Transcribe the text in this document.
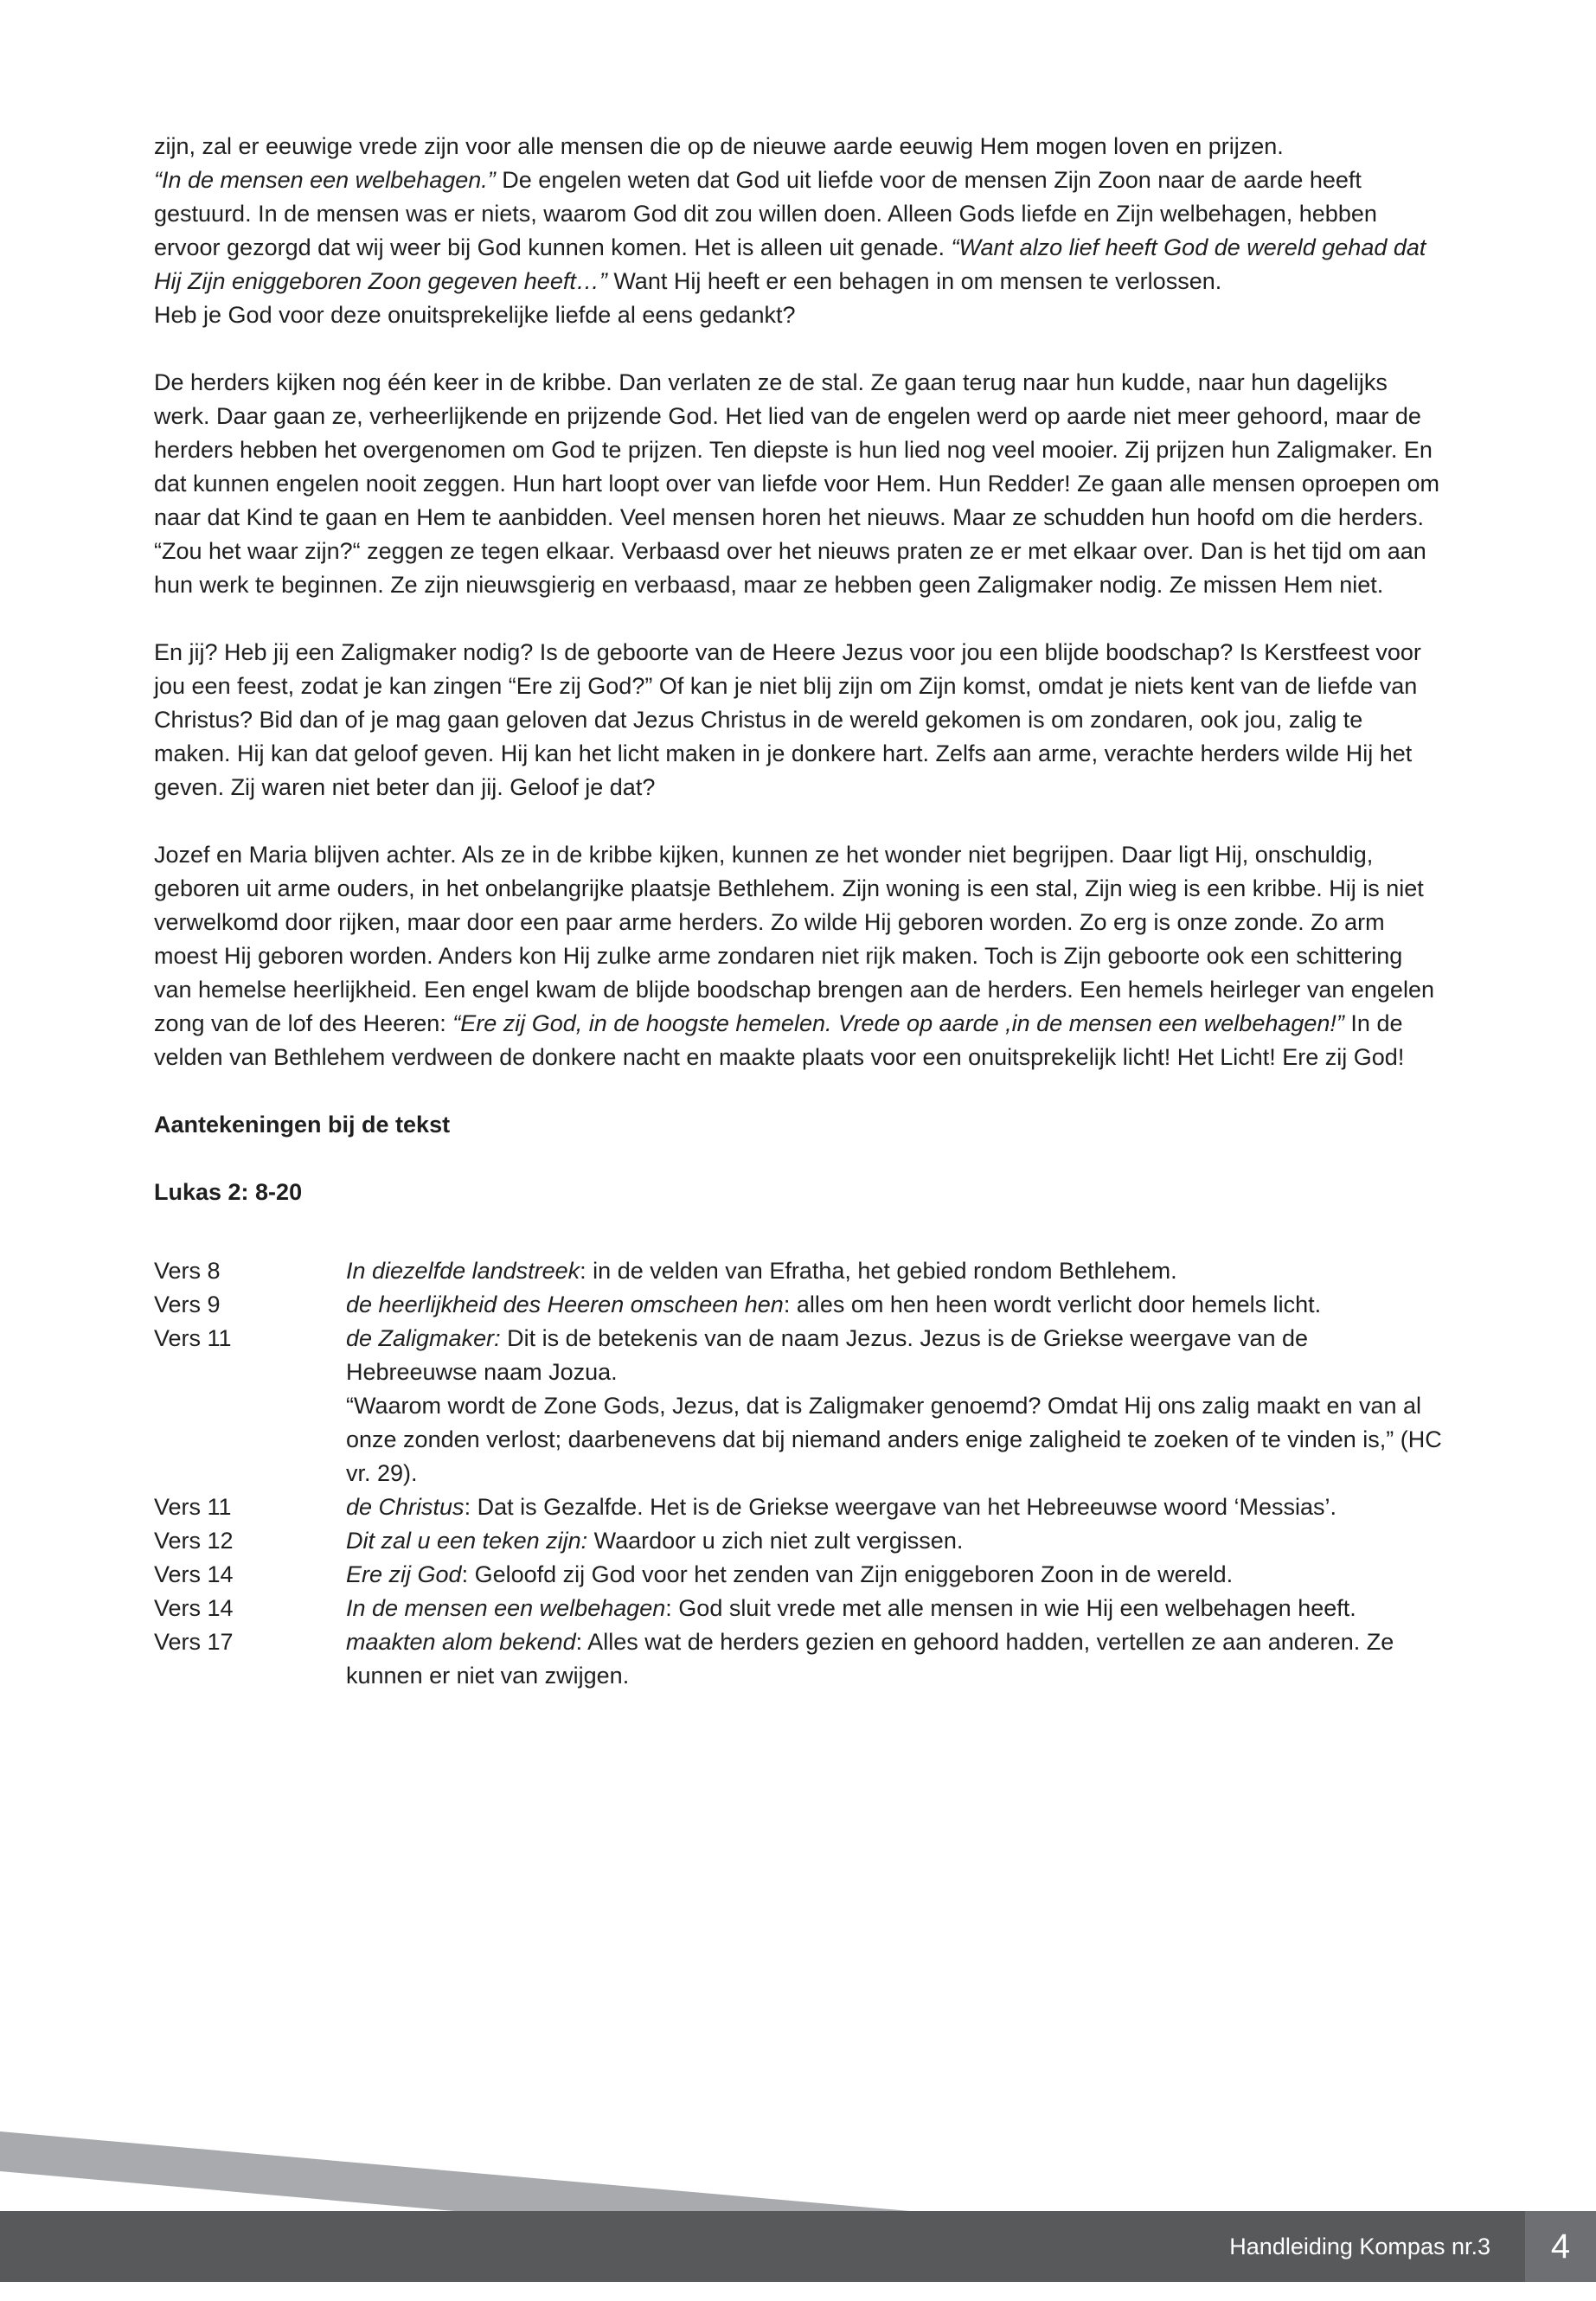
zijn, zal er eeuwige vrede zijn voor alle mensen die op de nieuwe aarde eeuwig Hem mogen loven en prijzen.

“In de mensen een welbehagen.” De engelen weten dat God uit liefde voor de mensen Zijn Zoon naar de aarde heeft gestuurd. In de mensen was er niets, waarom God dit zou willen doen. Alleen Gods liefde en Zijn welbehagen, hebben ervoor gezorgd dat wij weer bij God kunnen komen. Het is alleen uit genade. “Want alzo lief heeft God de wereld gehad dat Hij Zijn eniggeboren Zoon gegeven heeft…” Want Hij heeft er een behagen in om mensen te verlossen.

Heb je God voor deze onuitsprekelijke liefde al eens gedankt?

De herders kijken nog één keer in de kribbe. Dan verlaten ze de stal. Ze gaan terug naar hun kudde, naar hun dagelijks werk. Daar gaan ze, verheerlijkende en prijzende God. Het lied van de engelen werd op aarde niet meer gehoord, maar de herders hebben het overgenomen om God te prijzen. Ten diepste is hun lied nog veel mooier. Zij prijzen hun Zaligmaker. En dat kunnen engelen nooit zeggen. Hun hart loopt over van liefde voor Hem. Hun Redder! Ze gaan alle mensen oproepen om naar dat Kind te gaan en Hem te aanbidden. Veel mensen horen het nieuws. Maar ze schudden hun hoofd om die herders. “Zou het waar zijn?“ zeggen ze tegen elkaar. Verbaasd over het nieuws praten ze er met elkaar over. Dan is het tijd om aan hun werk te beginnen. Ze zijn nieuwsgierig en verbaasd, maar ze hebben geen Zaligmaker nodig. Ze missen Hem niet.

En jij? Heb jij een Zaligmaker nodig? Is de geboorte van de Heere Jezus voor jou een blijde boodschap? Is Kerstfeest voor jou een feest, zodat je kan zingen “Ere zij God?” Of kan je niet blij zijn om Zijn komst, omdat je niets kent van de liefde van Christus? Bid dan of je mag gaan geloven dat Jezus Christus in de wereld gekomen is om zondaren, ook jou, zalig te maken. Hij kan dat geloof geven. Hij kan het licht maken in je donkere hart. Zelfs aan arme, verachte herders wilde Hij het geven. Zij waren niet beter dan jij. Geloof je dat?

Jozef en Maria blijven achter. Als ze in de kribbe kijken, kunnen ze het wonder niet begrijpen. Daar ligt Hij, onschuldig, geboren uit arme ouders, in het onbelangrijke plaatsje Bethlehem. Zijn woning is een stal, Zijn wieg is een kribbe. Hij is niet verwelkomd door rijken, maar door een paar arme herders. Zo wilde Hij geboren worden. Zo erg is onze zonde. Zo arm moest Hij geboren worden. Anders kon Hij zulke arme zondaren niet rijk maken. Toch is Zijn geboorte ook een schittering van hemelse heerlijkheid. Een engel kwam de blijde boodschap brengen aan de herders. Een hemels heirleger van engelen zong van de lof des Heeren: “Ere zij God, in de hoogste hemelen. Vrede op aarde ,in de mensen een welbehagen!” In de velden van Bethlehem verdween de donkere nacht en maakte plaats voor een onuitsprekelijk licht! Het Licht! Ere zij God!

Aantekeningen bij de tekst
Lukas 2: 8-20
Vers 8	In diezelfde landstreek: in de velden van Efratha, het gebied rondom Bethlehem.
Vers 9	de heerlijkheid des Heeren omscheen hen: alles om hen heen wordt verlicht door hemels licht.
Vers 11	de Zaligmaker: Dit is de betekenis van de naam Jezus. Jezus is de Griekse weergave van de Hebreeuwse naam Jozua.
“Waarom wordt de Zone Gods, Jezus, dat is Zaligmaker genoemd? Omdat Hij ons zalig maakt en van al onze zonden verlost; daarbenevens dat bij niemand anders enige zaligheid te zoeken of te vinden is,” (HC vr. 29).
Vers 11	de Christus: Dat is Gezalfde. Het is de Griekse weergave van het Hebreeuwse woord ‘Messias’.
Vers 12	Dit zal u een teken zijn: Waardoor u zich niet zult vergissen.
Vers 14	Ere zij God: Geloofd zij God voor het zenden van Zijn eniggeboren Zoon in de wereld.
Vers 14	In de mensen een welbehagen: God sluit vrede met alle mensen in wie Hij een welbehagen heeft.
Vers 17	maakten alom bekend: Alles wat de herders gezien en gehoord hadden, vertellen ze aan anderen. Ze kunnen er niet van zwijgen.
Handleiding Kompas nr.3	4
